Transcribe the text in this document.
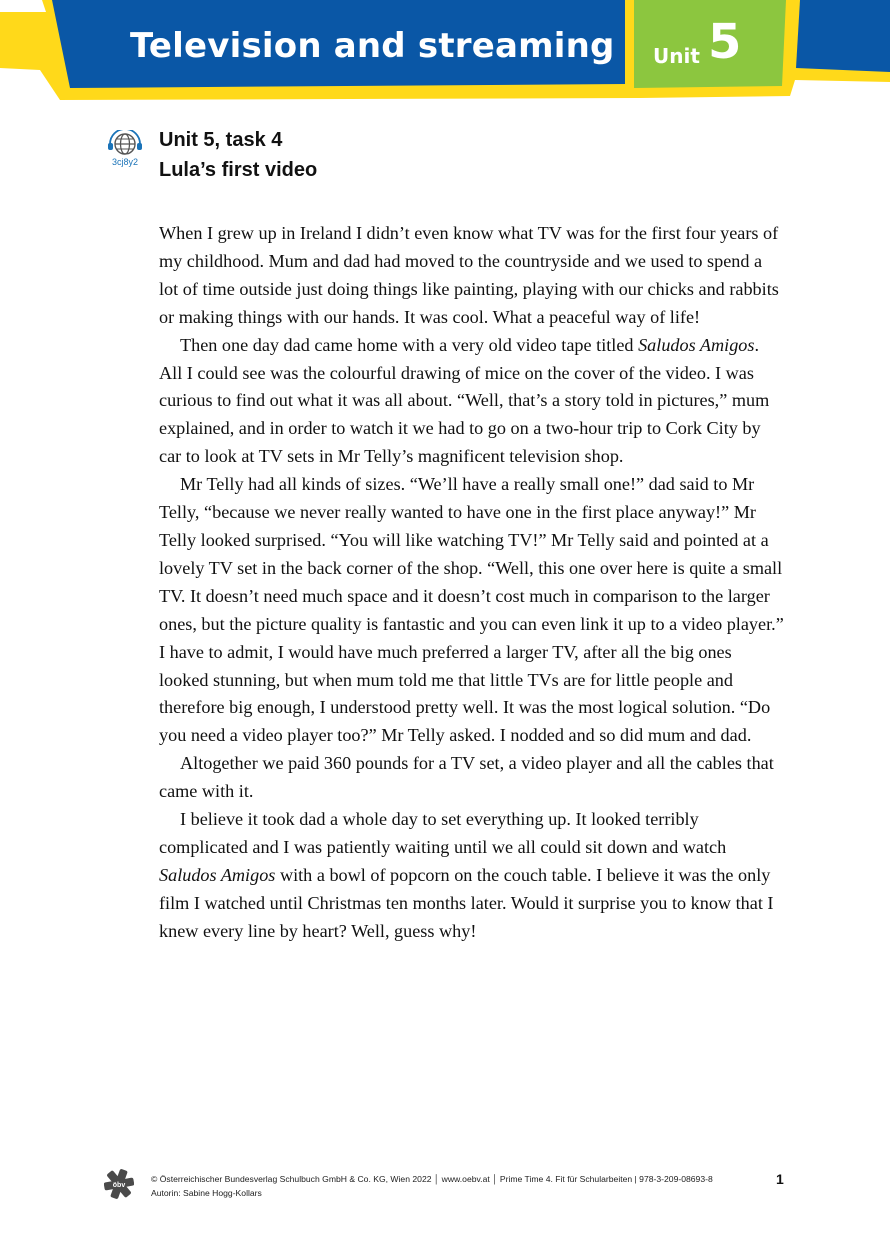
Television and streaming Unit 5
3cj8y2
Unit 5, task 4
Lula’s first video

When I grew up in Ireland I didn’t even know what TV was for the first four years of my childhood. Mum and dad had moved to the countryside and we used to spend a lot of time outside just doing things like painting, playing with our chicks and rabbits or making things with our hands. It was cool. What a peaceful way of life!

Then one day dad came home with a very old video tape titled Saludos Amigos. All I could see was the colourful drawing of mice on the cover of the video. I was curious to find out what it was all about. “Well, that’s a story told in pictures,” mum explained, and in order to watch it we had to go on a two-hour trip to Cork City by car to look at TV sets in Mr Telly’s magnificent television shop.

Mr Telly had all kinds of sizes. “We’ll have a really small one!” dad said to Mr Telly, “because we never really wanted to have one in the first place anyway!” Mr Telly looked surprised. “You will like watching TV!” Mr Telly said and pointed at a lovely TV set in the back corner of the shop. “Well, this one over here is quite a small TV. It doesn’t need much space and it doesn’t cost much in comparison to the larger ones, but the picture quality is fantastic and you can even link it up to a video player.” I have to admit, I would have much preferred a larger TV, after all the big ones looked stunning, but when mum told me that little TVs are for little people and therefore big enough, I understood pretty well. It was the most logical solution. “Do you need a video player too?” Mr Telly asked. I nodded and so did mum and dad.

Altogether we paid 360 pounds for a TV set, a video player and all the cables that came with it.

I believe it took dad a whole day to set everything up. It looked terribly complicated and I was patiently waiting until we all could sit down and watch Saludos Amigos with a bowl of popcorn on the couch table. I believe it was the only film I watched until Christmas ten months later. Would it surprise you to know that I knew every line by heart? Well, guess why!

öbv
© Österreichischer Bundesverlag Schulbuch GmbH & Co. KG, Wien 2022 │ www.oebv.at │ Prime Time 4. Fit für Schularbeiten | 978-3-209-08693-8
Autorin: Sabine Hogg-Kollars
1
